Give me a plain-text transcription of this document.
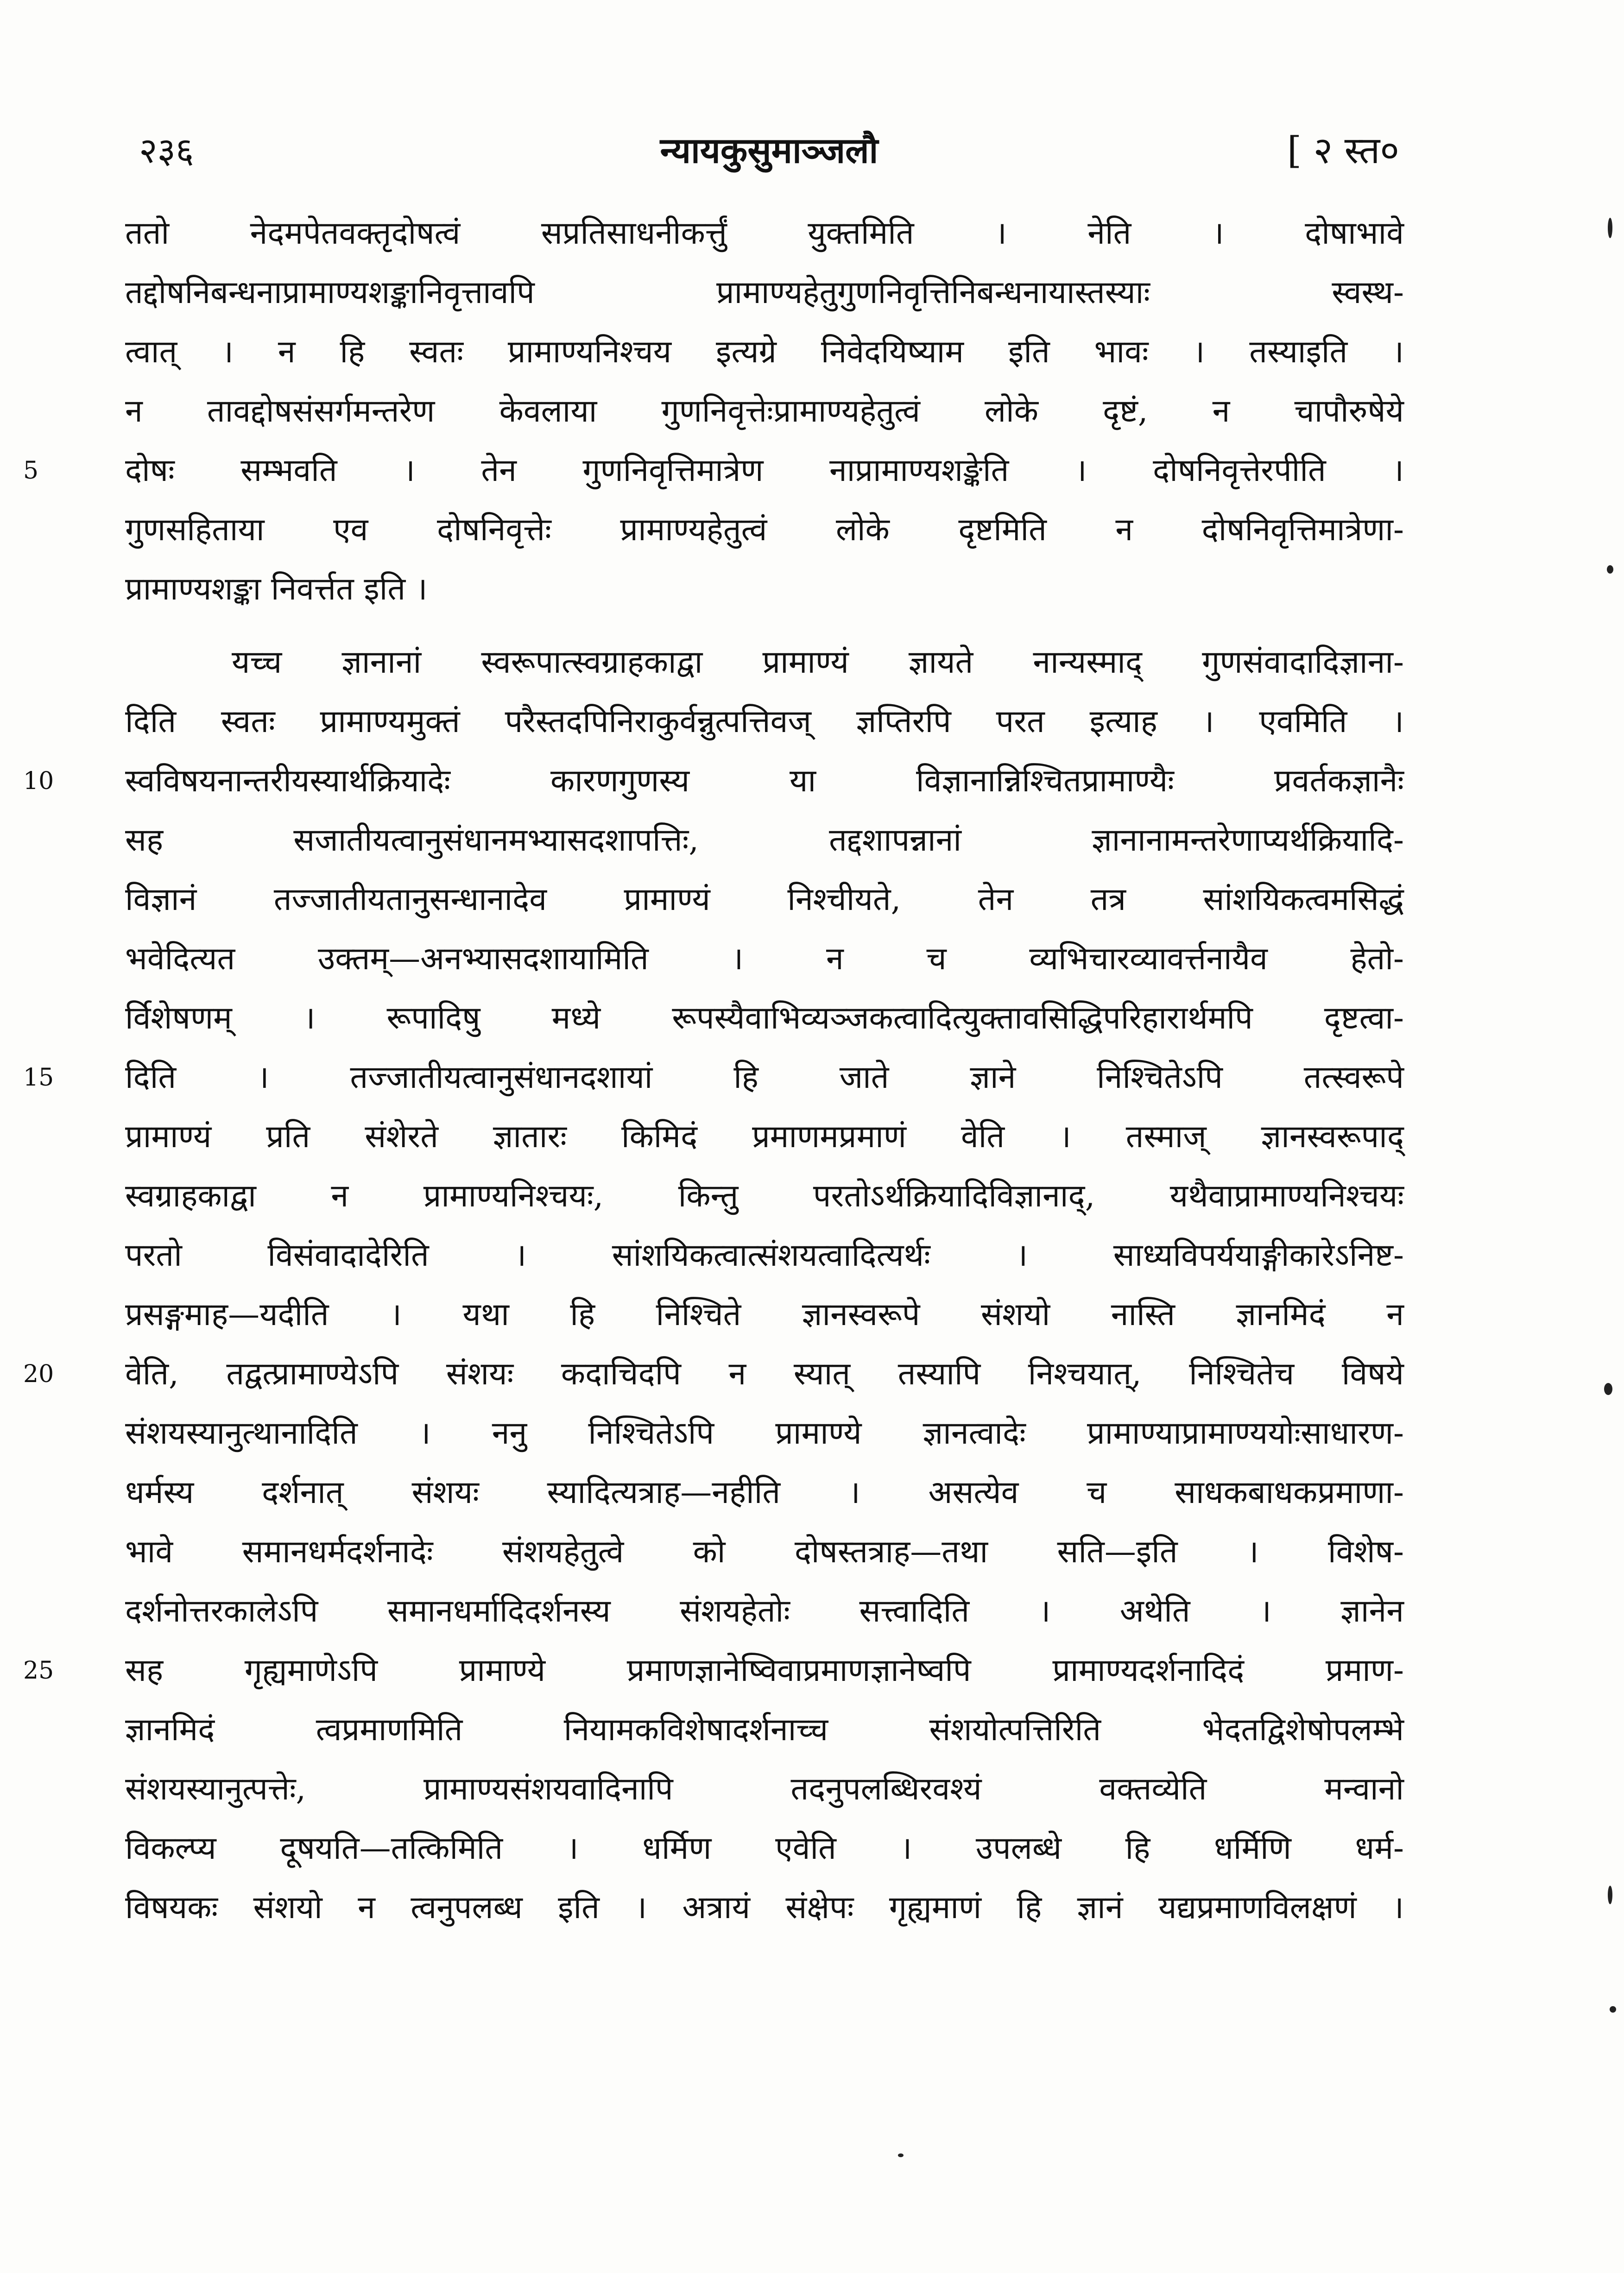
२३६	न्यायकुसुमाञ्जलौ	[ २ स्त०
ततो नेदमपेतवक्तृदोषत्वं सप्रतिसाधनीकर्त्तुं युक्तमिति । नेति । दोषाभावे
तद्दोषनिबन्धनाप्रामाण्यशङ्कानिवृत्तावपि प्रामाण्यहेतुगुणनिवृत्तिनिबन्धनायास्तस्याः स्वस्थ-
त्वात् । न हि स्वतः प्रामाण्यनिश्चय इत्यग्रे निवेदयिष्याम इति भावः । तस्याइति ।
न तावद्दोषसंसर्गमन्तरेण केवलाया गुणनिवृत्तेःप्रामाण्यहेतुत्वं लोके दृष्टं, न चापौरुषेये
5	दोषः सम्भवति । तेन गुणनिवृत्तिमात्रेण नाप्रामाण्यशङ्केति । दोषनिवृत्तेरपीति ।
गुणसहिताया एव दोषनिवृत्तेः प्रामाण्यहेतुत्वं लोके दृष्टमिति न दोषनिवृत्तिमात्रेणा-
प्रामाण्यशङ्का निवर्त्तत इति ।
यच्च ज्ञानानां स्वरूपात्स्वग्राहकाद्वा प्रामाण्यं ज्ञायते नान्यस्माद् गुणसंवादादिज्ञाना-
दिति स्वतः प्रामाण्यमुक्तं परैस्तदपिनिराकुर्वन्नुत्पत्तिवज् ज्ञप्तिरपि परत इत्याह । एवमिति ।
10	स्वविषयनान्तरीयस्यार्थक्रियादेः कारणगुणस्य या विज्ञानान्निश्चितप्रामाण्यैः प्रवर्तकज्ञानैः
सह सजातीयत्वानुसंधानमभ्यासदशापत्तिः, तद्दशापन्नानां ज्ञानानामन्तरेणाप्यर्थक्रियादि-
विज्ञानं तज्जातीयतानुसन्धानादेव प्रामाण्यं निश्चीयते, तेन तत्र सांशयिकत्वमसिद्धं
भवेदित्यत उक्तम्—अनभ्यासदशायामिति । न च व्यभिचारव्यावर्त्तनायैव हेतो-
र्विशेषणम् । रूपादिषु मध्ये रूपस्यैवाभिव्यञ्जकत्वादित्युक्तावसिद्धिपरिहारार्थमपि दृष्टत्वा-
15	दिति । तज्जातीयत्वानुसंधानदशायां हि जाते ज्ञाने निश्चितेऽपि तत्स्वरूपे
प्रामाण्यं प्रति संशेरते ज्ञातारः किमिदं प्रमाणमप्रमाणं वेति । तस्माज् ज्ञानस्वरूपाद्
स्वग्राहकाद्वा न प्रामाण्यनिश्चयः, किन्तु परतोऽर्थक्रियादिविज्ञानाद्, यथैवाप्रामाण्यनिश्चयः
परतो विसंवादादेरिति । सांशयिकत्वात्संशयत्वादित्यर्थः । साध्यविपर्ययाङ्गीकारेऽनिष्ट-
प्रसङ्गमाह—यदीति । यथा हि निश्चिते ज्ञानस्वरूपे संशयो नास्ति ज्ञानमिदं न
20	वेति, तद्वत्प्रामाण्येऽपि संशयः कदाचिदपि न स्यात् तस्यापि निश्चयात्, निश्चितेच विषये
संशयस्यानुत्थानादिति । ननु निश्चितेऽपि प्रामाण्ये ज्ञानत्वादेः प्रामाण्याप्रामाण्ययोःसाधारण-
धर्मस्य दर्शनात् संशयः स्यादित्यत्राह—नहीति । असत्येव च साधकबाधकप्रमाणा-
भावे समानधर्मदर्शनादेः संशयहेतुत्वे को दोषस्तत्राह—तथा सति—इति । विशेष-
दर्शनोत्तरकालेऽपि समानधर्मादिदर्शनस्य संशयहेतोः सत्त्वादिति । अथेति । ज्ञानेन
25	सह गृह्यमाणेऽपि प्रामाण्ये प्रमाणज्ञानेष्विवाप्रमाणज्ञानेष्वपि प्रामाण्यदर्शनादिदं प्रमाण-
ज्ञानमिदं त्वप्रमाणमिति नियामकविशेषादर्शनाच्च संशयोत्पत्तिरिति भेदतद्विशेषोपलम्भे
संशयस्यानुत्पत्तेः, प्रामाण्यसंशयवादिनापि तदनुपलब्धिरवश्यं वक्तव्येति मन्वानो
विकल्प्य दूषयति—तत्किमिति । धर्मिण एवेति । उपलब्धे हि धर्मिणि धर्म-
विषयकः संशयो न त्वनुपलब्ध इति । अत्रायं संक्षेपः गृह्यमाणं हि ज्ञानं यद्यप्रमाणविलक्षणं ।
